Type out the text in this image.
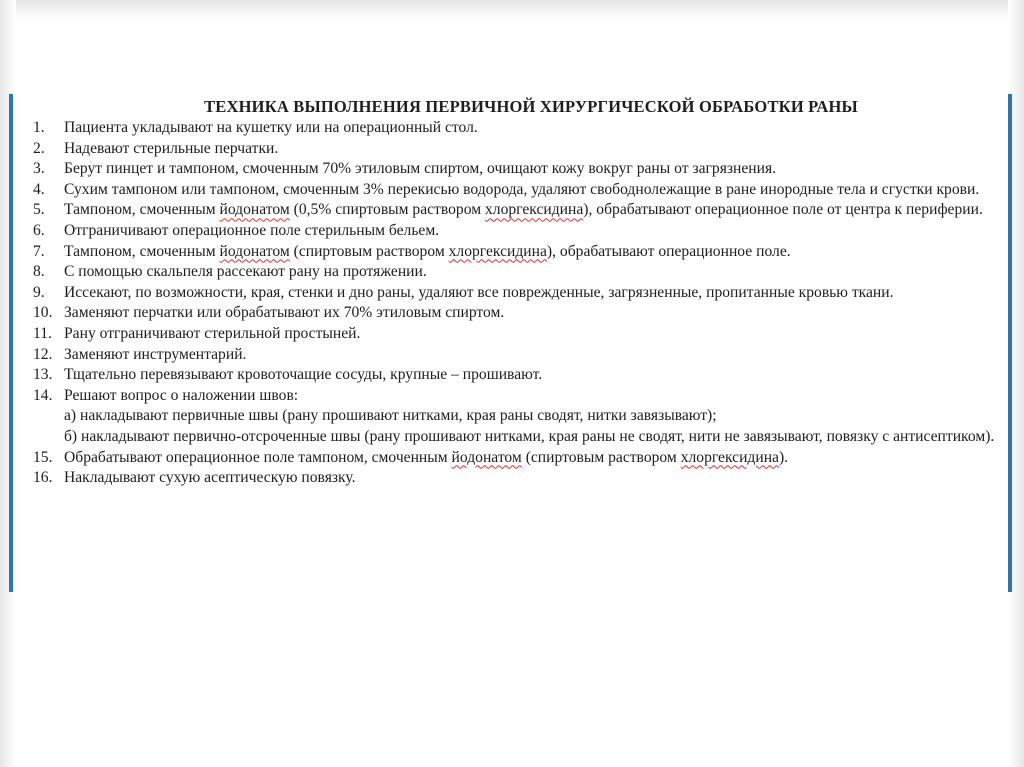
ТЕХНИКА ВЫПОЛНЕНИЯ ПЕРВИЧНОЙ ХИРУРГИЧЕСКОЙ ОБРАБОТКИ РАНЫ
1.	Пациента укладывают на кушетку или на операционный стол.
2.	Надевают стерильные перчатки.
3.	Берут пинцет и тампоном, смоченным 70% этиловым спиртом, очищают кожу вокруг раны от загрязнения.
4.	Сухим тампоном или тампоном, смоченным 3% перекисью водорода, удаляют свободнолежащие в ране инородные тела и сгустки крови.
5.	Тампоном, смоченным йодонатом (0,5% спиртовым раствором хлоргексидина), обрабатывают операционное поле от центра к периферии.
6.	Отграничивают операционное поле стерильным бельем.
7.	Тампоном, смоченным йодонатом (спиртовым раствором хлоргексидина), обрабатывают операционное поле.
8.	С помощью скальпеля рассекают рану на протяжении.
9.	Иссекают, по возможности, края, стенки и дно раны, удаляют все поврежденные, загрязненные, пропитанные кровью ткани.
10. Заменяют перчатки или обрабатывают их 70% этиловым спиртом.
11. Рану отграничивают стерильной простыней.
12. Заменяют инструментарий.
13. Тщательно перевязывают кровоточащие сосуды, крупные – прошивают.
14. Решают вопрос о наложении швов:
а) накладывают первичные швы (рану прошивают нитками, края раны сводят, нитки завязывают);
б) накладывают первично-отсроченные швы (рану прошивают нитками, края раны не сводят, нити не завязывают, повязку с антисептиком).
15. Обрабатывают операционное поле тампоном, смоченным йодонатом (спиртовым раствором хлоргексидина).
16. Накладывают сухую асептическую повязку.
